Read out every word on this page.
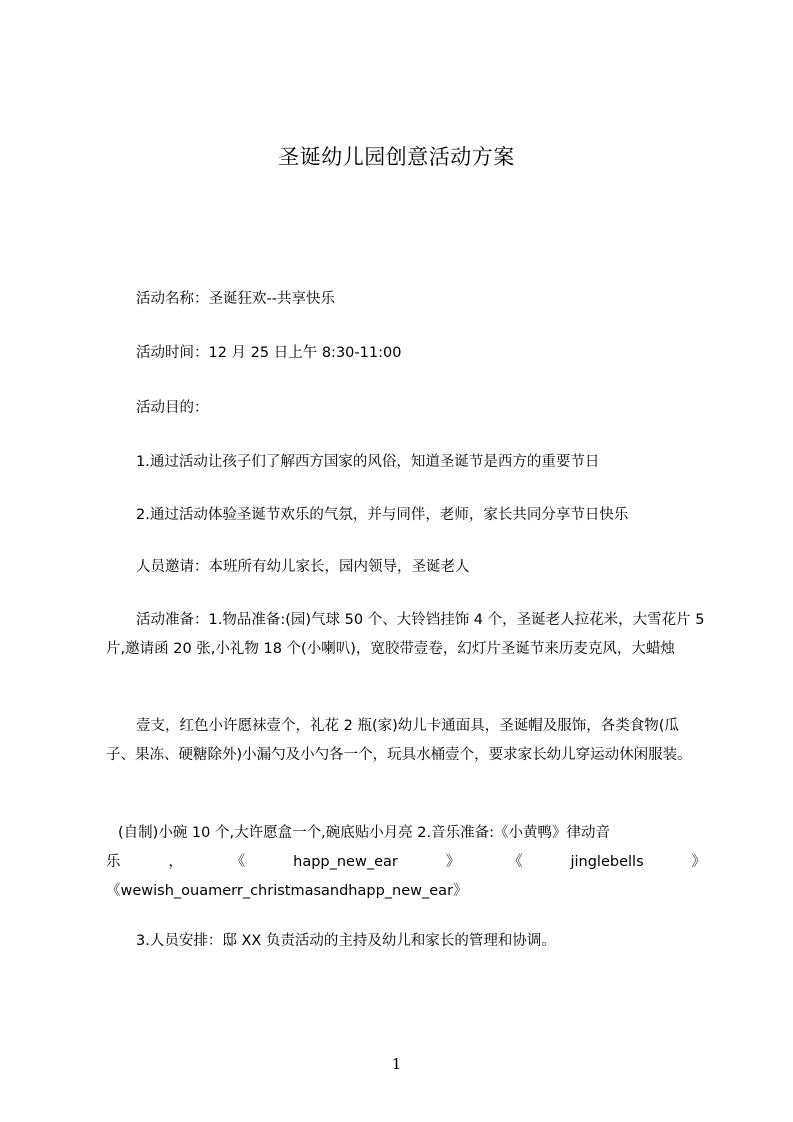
圣诞幼儿园创意活动方案
活动名称：圣诞狂欢--共享快乐
活动时间：12 月 25 日上午 8:30-11:00
活动目的：
1.通过活动让孩子们了解西方国家的风俗，知道圣诞节是西方的重要节日
2.通过活动体验圣诞节欢乐的气氛，并与同伴，老师，家长共同分享节日快乐
人员邀请：本班所有幼儿家长，园内领导，圣诞老人
活动准备：1.物品准备:(园)气球 50 个、大铃铛挂饰 4 个，圣诞老人拉花米，大雪花片 5 片,邀请函 20 张,小礼物 18 个(小喇叭)，宽胶带壹卷，幻灯片圣诞节来历麦克风，大蜡烛
壹支，红色小许愿袜壹个，礼花 2 瓶(家)幼儿卡通面具，圣诞帽及服饰，各类食物(瓜子、果冻、硬糖除外)小漏勺及小勺各一个，玩具水桶壹个，要求家长幼儿穿运动休闲服装。
(自制)小碗 10 个,大许愿盒一个,碗底贴小月亮 2.音乐准备:《小黄鸭》律动音
乐	，	《	happ_new_ear	》	《	jinglebells	》
《wewish_ouamerr_christmasandhapp_new_ear》
3.人员安排：邸 XX 负责活动的主持及幼儿和家长的管理和协调。
1
